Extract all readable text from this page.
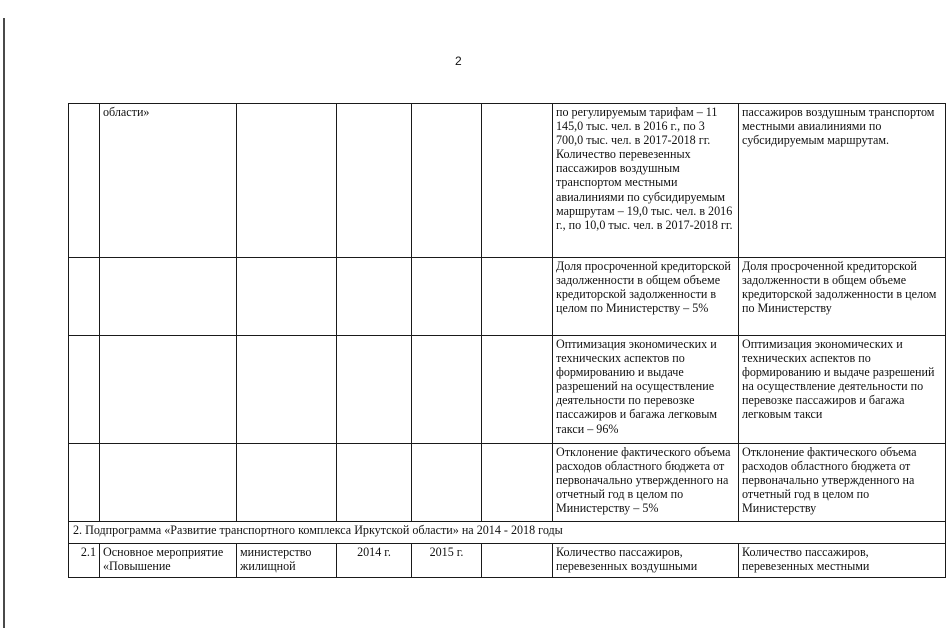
2
	области»					по регулируемым тарифам – 11 145,0 тыс. чел. в 2016 г., по 3 700,0 тыс. чел. в 2017-2018 гг. Количество перевезенных пассажиров воздушным транспортом местными авиалиниями по субсидируемым маршрутам – 19,0 тыс. чел. в 2016 г., по 10,0 тыс. чел. в 2017-2018 гг.	пассажиров воздушным транспортом местными авиалиниями по субсидируемым маршрутам.
						Доля просроченной кредиторской задолженности в общем объеме кредиторской задолженности в целом по Министерству – 5%	Доля просроченной кредиторской задолженности в общем объеме кредиторской задолженности в целом по Министерству
						Оптимизация экономических и технических аспектов по формированию и выдаче разрешений на осуществление деятельности по перевозке пассажиров и багажа легковым такси – 96%	Оптимизация экономических и технических аспектов по формированию и выдаче разрешений на осуществление деятельности по перевозке пассажиров и багажа легковым такси
						Отклонение фактического объема расходов областного бюджета от первоначально утвержденного на отчетный год в целом по Министерству – 5%	Отклонение фактического объема расходов областного бюджета от первоначально утвержденного на отчетный год в целом по Министерству
2. Подпрограмма «Развитие транспортного комплекса Иркутской области» на 2014 - 2018 годы							
2.1	Основное мероприятие «Повышение	министерство жилищной	2014 г.	2015 г.		Количество пассажиров, перевезенных воздушными	Количество пассажиров, перевезенных местными
